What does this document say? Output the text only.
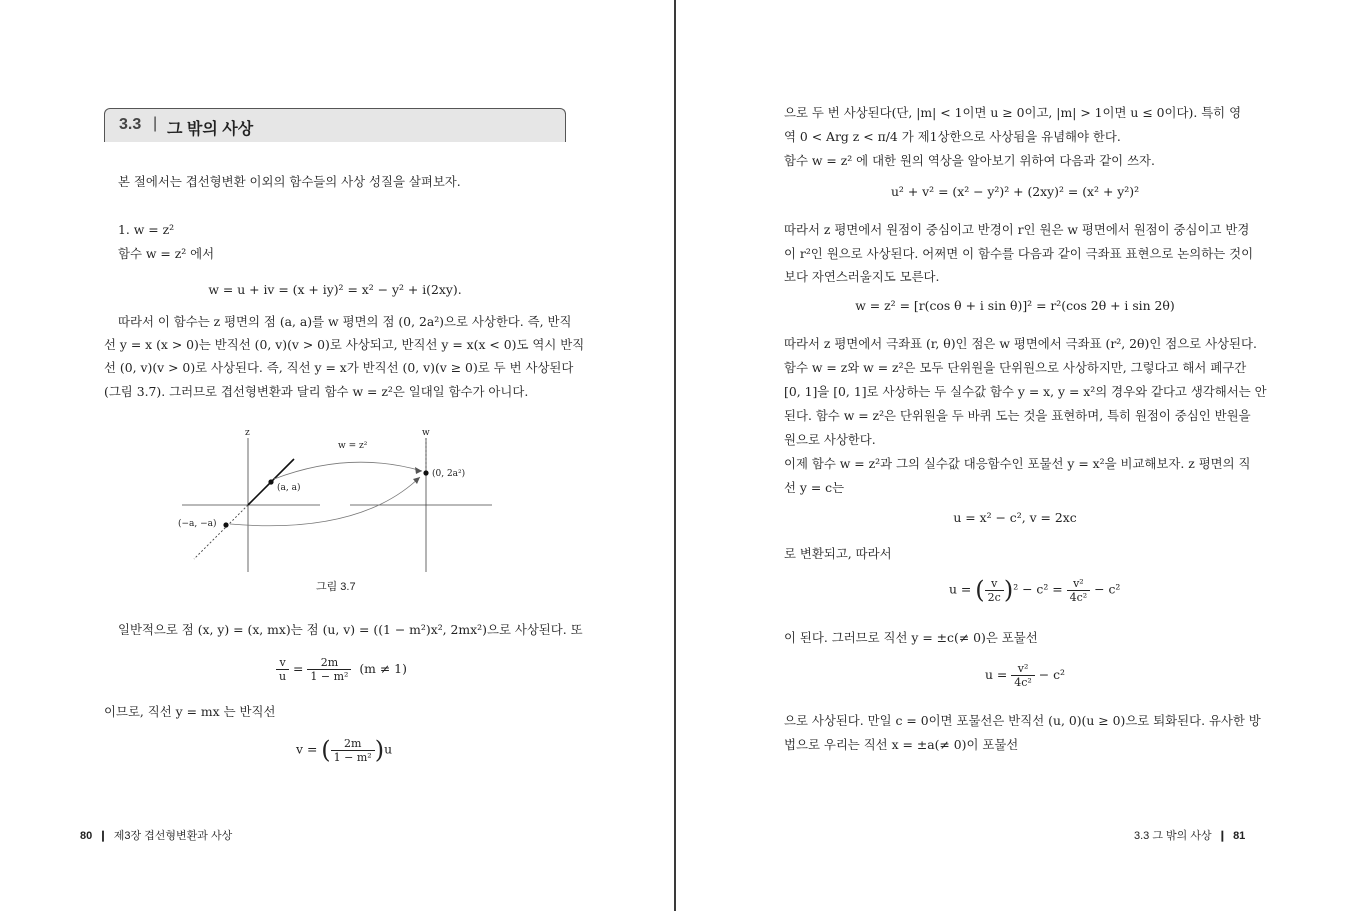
3.3 | 그 밖의 사상
본 절에서는 겹선형변환 이외의 함수들의 사상 성질을 살펴보자.
1. w = z²
함수 w = z² 에서
w = u + iv = (x + iy)² = x² − y² + i(2xy).
따라서 이 함수는 z 평면의 점 (a, a)를 w 평면의 점 (0, 2a²)으로 사상한다. 즉, 반직
선 y = x (x > 0)는 반직선 (0, v)(v > 0)로 사상되고, 반직선 y = x(x < 0)도 역시 반직
선 (0, v)(v > 0)로 사상된다. 즉, 직선 y = x가 반직선 (0, v)(v ≥ 0)로 두 번 사상된다
(그림 3.7). 그러므로 겹선형변환과 달리 함수 w = z²은 일대일 함수가 아니다.
z	w
w = z²
(a, a)
(−a, −a)
(0, 2a²)
그림 3.7
일반적으로 점 (x, y) = (x, mx)는 점 (u, v) = ((1 − m²)x², 2mx²)으로 사상된다. 또
$\frac{v}{u} = \frac{2m}{\text{1 − m²}} (m \ne 1)$
이므로, 직선 y = mx 는 반직선
v = ( $\frac{2m}{\text{1 − m²}} )u$
80 ❙ 제3장 겹선형변환과 사상
으로 두 번 사상된다(단, |m| < 1이면 u ≥ 0이고, |m| > 1이면 u ≤ 0이다). 특히 영
역 0 < Arg z < π/4 가 제1상한으로 사상됨을 유념해야 한다.
함수 w = z² 에 대한 원의 역상을 알아보기 위하여 다음과 같이 쓰자.
u² + v² = (x² − y²)² + (2xy)² = (x² + y²)²
따라서 z 평면에서 원점이 중심이고 반경이 r인 원은 w 평면에서 원점이 중심이고 반경
이 r²인 원으로 사상된다. 어쩌면 이 함수를 다음과 같이 극좌표 표현으로 논의하는 것이
보다 자연스러울지도 모른다.
w = z² = [r(cos θ + i sin θ)]² = r²(cos 2θ + i sin 2θ)
따라서 z 평면에서 극좌표 (r, θ)인 점은 w 평면에서 극좌표 (r², 2θ)인 점으로 사상된다.
함수 w = z와 w = z²은 모두 단위원을 단위원으로 사상하지만, 그렇다고 해서 폐구간
[0, 1]을 [0, 1]로 사상하는 두 실수값 함수 y = x, y = x²의 경우와 같다고 생각해서는 안
된다. 함수 w = z²은 단위원을 두 바퀴 도는 것을 표현하며, 특히 원점이 중심인 반원을
원으로 사상한다.
이제 함수 w = z²과 그의 실수값 대응함수인 포물선 y = x²을 비교해보자. z 평면의 직
선 y = c는
u = x² − c², v = 2xc
로 변환되고, 따라서
u = ( $\frac{v}{2c} )^2 - c^2 = \frac{\text{v²}}{\text{4c²}} - c^2$
이 된다. 그러므로 직선 y = ±c(≠ 0)은 포물선
$u = \frac{\text{v²}}{\text{4c²}} - c^2$
으로 사상된다. 만일 c = 0이면 포물선은 반직선 (u, 0)(u ≥ 0)으로 퇴화된다. 유사한 방
법으로 우리는 직선 x = ±a(≠ 0)이 포물선
3.3 그 밖의 사상 ❙ 81
